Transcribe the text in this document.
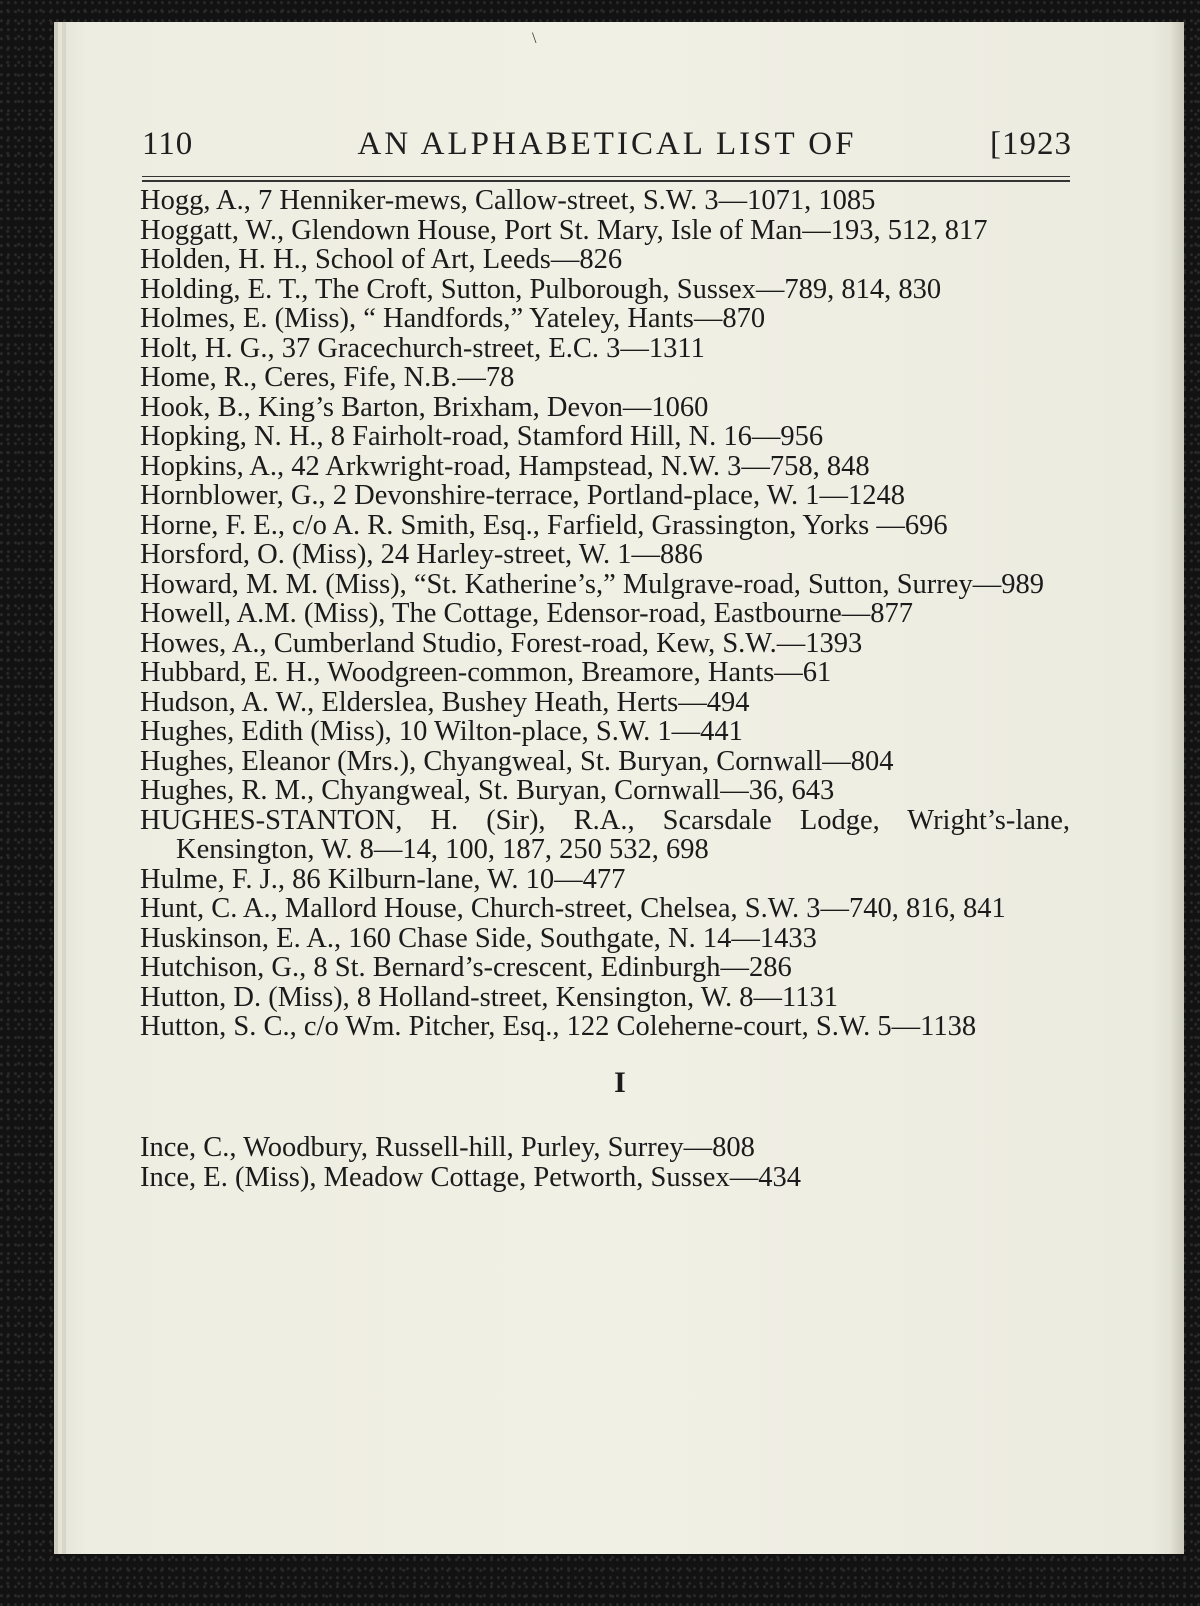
\
110	AN ALPHABETICAL LIST OF	[1923
Hogg, A., 7 Henniker-mews, Callow-street, S.W. 3—1071, 1085
Hoggatt, W., Glendown House, Port St. Mary, Isle of Man—193, 512, 817
Holden, H. H., School of Art, Leeds—826
Holding, E. T., The Croft, Sutton, Pulborough, Sussex—789, 814, 830
Holmes, E. (Miss), “ Handfords,” Yateley, Hants—870
Holt, H. G., 37 Gracechurch-street, E.C. 3—1311
Home, R., Ceres, Fife, N.B.—78
Hook, B., King’s Barton, Brixham, Devon—1060
Hopking, N. H., 8 Fairholt-road, Stamford Hill, N. 16—956
Hopkins, A., 42 Arkwright-road, Hampstead, N.W. 3—758, 848
Hornblower, G., 2 Devonshire-terrace, Portland-place, W. 1—1248
Horne, F. E., c/o A. R. Smith, Esq., Farfield, Grassington, Yorks —696
Horsford, O. (Miss), 24 Harley-street, W. 1—886
Howard, M. M. (Miss), “St. Katherine’s,” Mulgrave-road, Sutton, Surrey—989
Howell, A.M. (Miss), The Cottage, Edensor-road, Eastbourne—877
Howes, A., Cumberland Studio, Forest-road, Kew, S.W.—1393
Hubbard, E. H., Woodgreen-common, Breamore, Hants—61
Hudson, A. W., Elderslea, Bushey Heath, Herts—494
Hughes, Edith (Miss), 10 Wilton-place, S.W. 1—441
Hughes, Eleanor (Mrs.), Chyangweal, St. Buryan, Cornwall—804
Hughes, R. M., Chyangweal, St. Buryan, Cornwall—36, 643
HUGHES-STANTON, H. (Sir), R.A., Scarsdale Lodge, Wright’s-lane, Kensington, W. 8—14, 100, 187, 250 532, 698
Hulme, F. J., 86 Kilburn-lane, W. 10—477
Hunt, C. A., Mallord House, Church-street, Chelsea, S.W. 3—740, 816, 841
Huskinson, E. A., 160 Chase Side, Southgate, N. 14—1433
Hutchison, G., 8 St. Bernard’s-crescent, Edinburgh—286
Hutton, D. (Miss), 8 Holland-street, Kensington, W. 8—1131
Hutton, S. C., c/o Wm. Pitcher, Esq., 122 Coleherne-court, S.W. 5—1138
I
Ince, C., Woodbury, Russell-hill, Purley, Surrey—808
Ince, E. (Miss), Meadow Cottage, Petworth, Sussex—434
